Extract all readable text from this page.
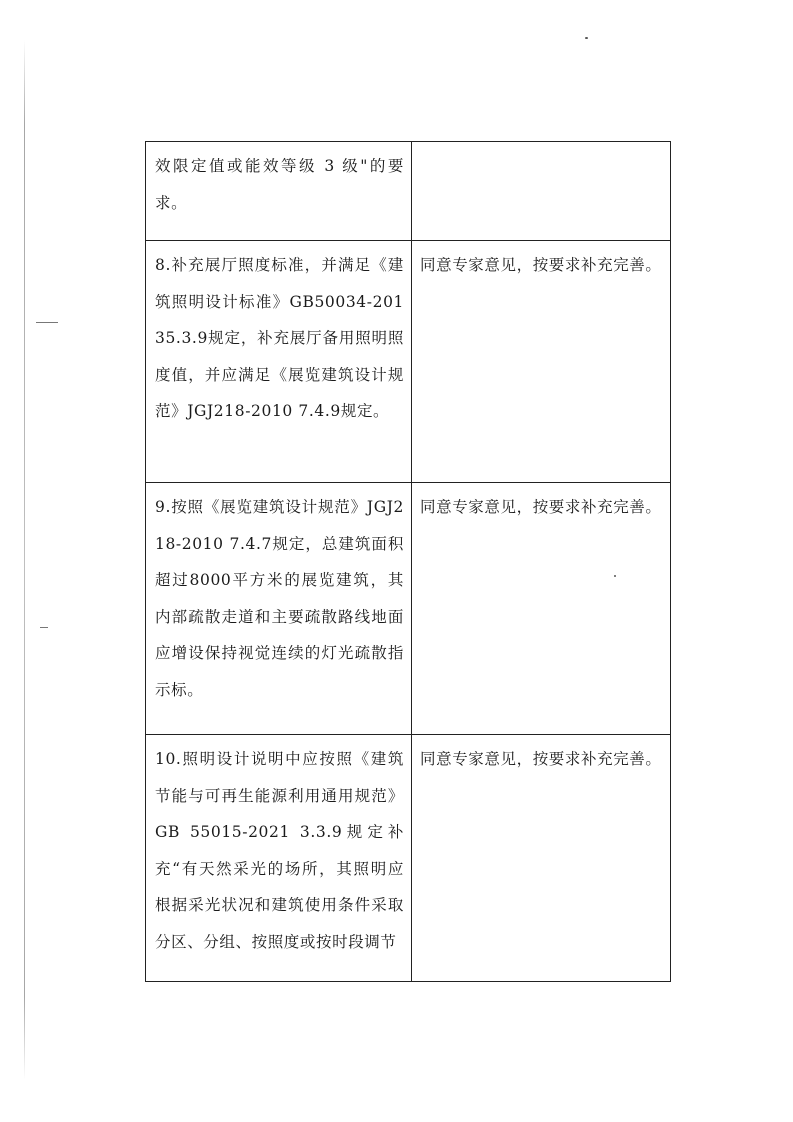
效限定值或能效等级 3 级"的要求。	

8.补充展厅照度标准，并满足《建筑照明设计标准》GB50034-20135.3.9规定，补充展厅备用照明照度值，并应满足《展览建筑设计规范》JGJ218-2010 7.4.9规定。	同意专家意见，按要求补充完善。

9.按照《展览建筑设计规范》JGJ218-2010 7.4.7规定，总建筑面积超过8000平方米的展览建筑，其内部疏散走道和主要疏散路线地面应增设保持视觉连续的灯光疏散指示标。	同意专家意见，按要求补充完善。

10.照明设计说明中应按照《建筑节能与可再生能源利用通用规范》GB 55015-2021 3.3.9规定补充“有天然采光的场所，其照明应根据采光状况和建筑使用条件采取分区、分组、按照度或按时段调节	同意专家意见，按要求补充完善。
